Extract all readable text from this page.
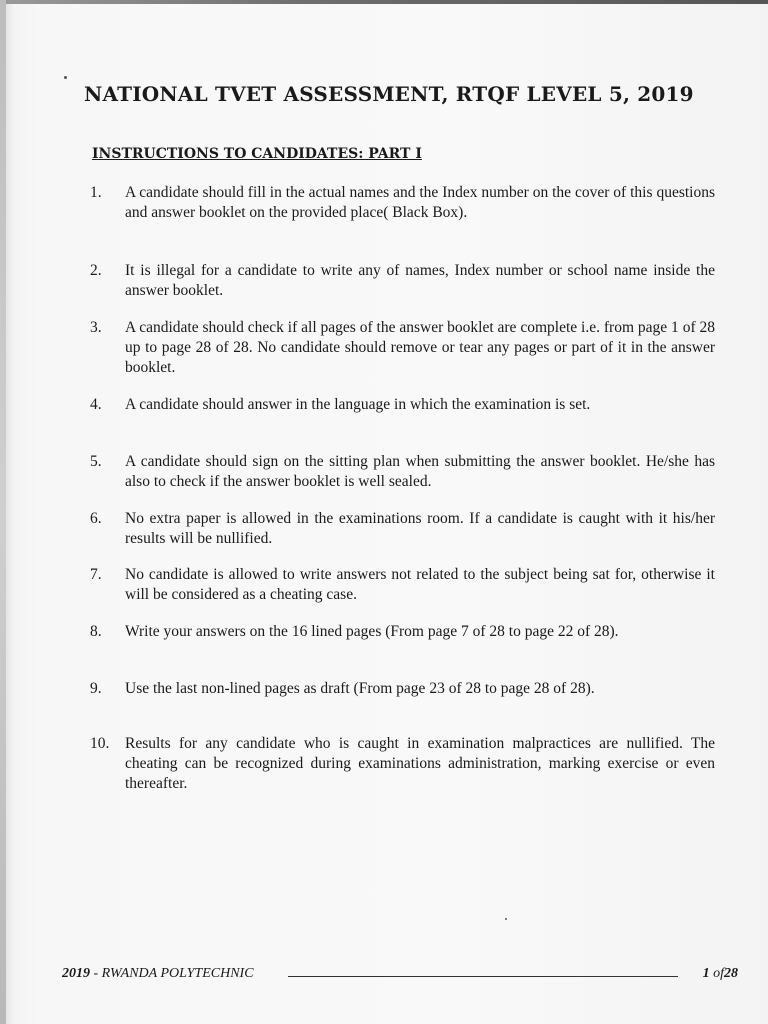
NATIONAL TVET ASSESSMENT, RTQF LEVEL 5, 2019
INSTRUCTIONS TO CANDIDATES: PART I
1.	A candidate should fill in the actual names and the Index number on the cover of this questions and answer booklet on the provided place( Black Box).
2.	It is illegal for a candidate to write any of names, Index number or school name inside the answer booklet.
3.	A candidate should check if all pages of the answer booklet are complete i.e. from page 1 of 28 up to page 28 of 28. No candidate should remove or tear any pages or part of it in the answer booklet.
4.	A candidate should answer in the language in which the examination is set.
5.	A candidate should sign on the sitting plan when submitting the answer booklet. He/she has also to check if the answer booklet is well sealed.
6.	No extra paper is allowed in the examinations room. If a candidate is caught with it his/her results will be nullified.
7.	No candidate is allowed to write answers not related to the subject being sat for, otherwise it will be considered as a cheating case.
8.	Write your answers on the 16 lined pages (From page 7 of 28 to page 22 of 28).
9.	Use the last non-lined pages as draft (From page 23 of 28 to page 28 of 28).
10.	Results for any candidate who is caught in examination malpractices are nullified. The cheating can be recognized during examinations administration, marking exercise or even thereafter.
2019 - RWANDA POLYTECHNIC	1 of28
